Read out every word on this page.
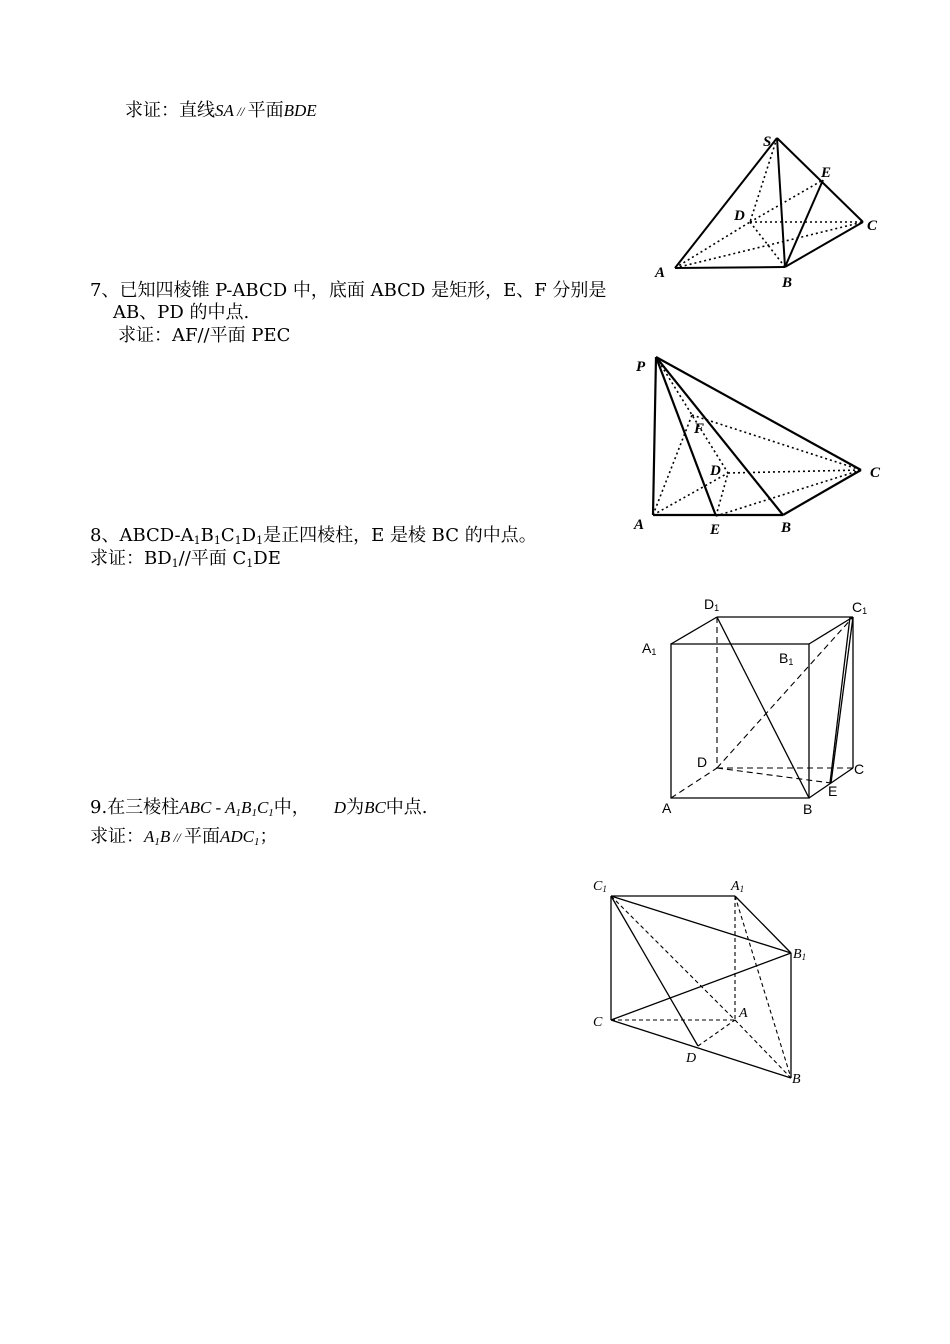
求证：直线SA // 平面BDE
S
E
D
C
A
B
7、已知四棱锥 P-ABCD 中，底面 ABCD 是矩形，E、F 分别是
AB、PD 的中点.
求证：AF//平面 PEC
P
F
D	C
A	E	B
8、ABCD-$A_1B_1C_1D_1$是正四棱柱，E 是棱 BC 的中点。
求证：$BD_1//$平面 $C_1DE$
D1	C1
A1	B1
D	C
A	B
E
9.在三棱柱ABC - $A_1B_1C_1$中， D为BC中点.
求证：$A_1B$ // 平面$ADC_1$；
C1	A1
B1
C
A
D
B
